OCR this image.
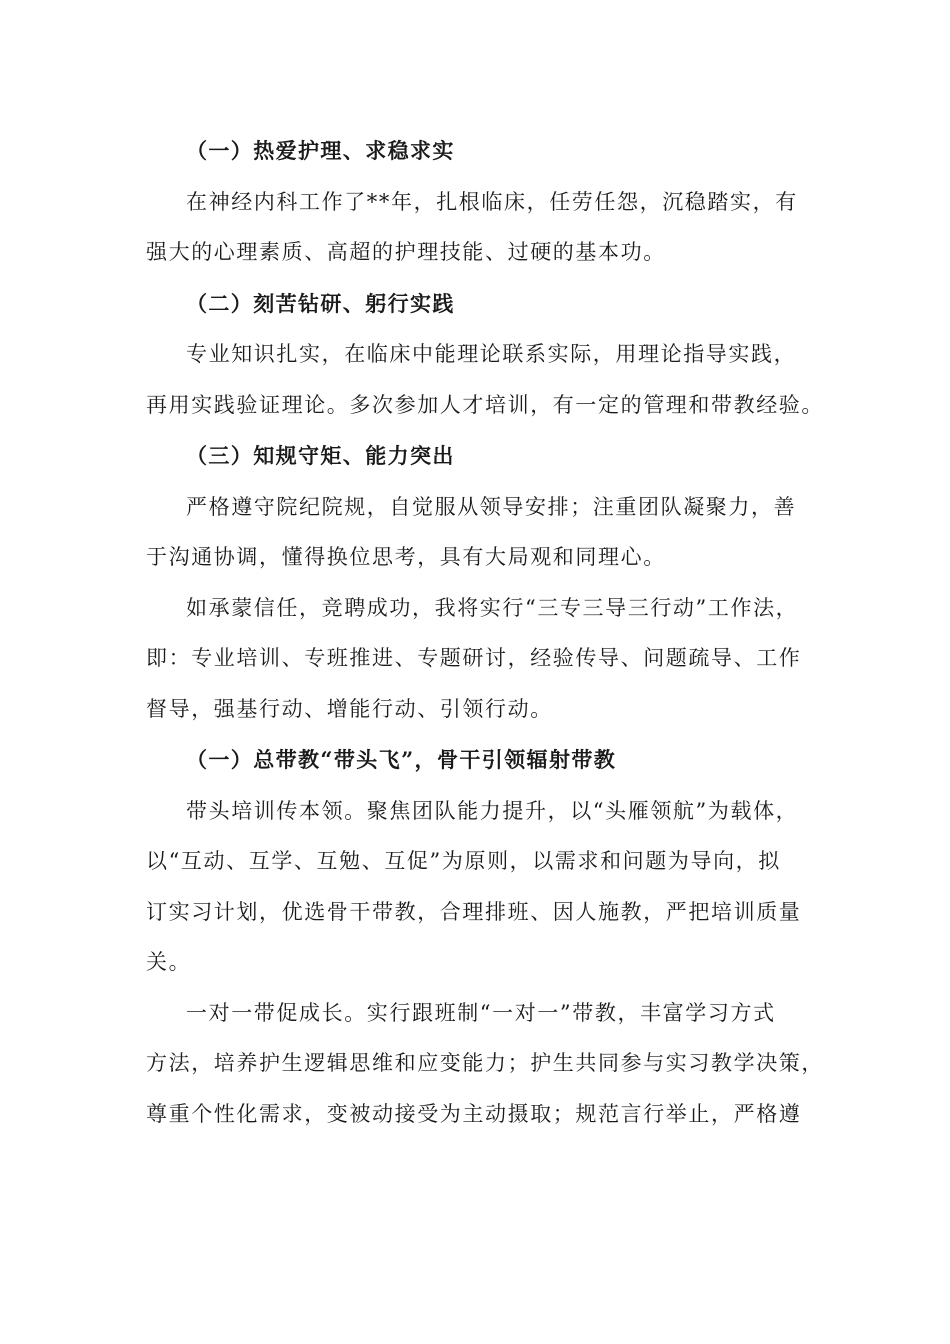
（一）热爱护理、求稳求实
在神经内科工作了**年，扎根临床，任劳任怨，沉稳踏实，有
强大的心理素质、高超的护理技能、过硬的基本功。
（二）刻苦钻研、躬行实践
专业知识扎实，在临床中能理论联系实际，用理论指导实践，
再用实践验证理论。多次参加人才培训，有一定的管理和带教经验。
（三）知规守矩、能力突出
严格遵守院纪院规，自觉服从领导安排；注重团队凝聚力，善
于沟通协调，懂得换位思考，具有大局观和同理心。
如承蒙信任，竞聘成功，我将实行“三专三导三行动”工作法，
即：专业培训、专班推进、专题研讨，经验传导、问题疏导、工作
督导，强基行动、增能行动、引领行动。
（一）总带教“带头飞”，骨干引领辐射带教
带头培训传本领。聚焦团队能力提升，以“头雁领航”为载体，
以“互动、互学、互勉、互促”为原则，以需求和问题为导向，拟
订实习计划，优选骨干带教，合理排班、因人施教，严把培训质量
关。
一对一带促成长。实行跟班制“一对一”带教，丰富学习方式
方法，培养护生逻辑思维和应变能力；护生共同参与实习教学决策，
尊重个性化需求，变被动接受为主动摄取；规范言行举止，严格遵
